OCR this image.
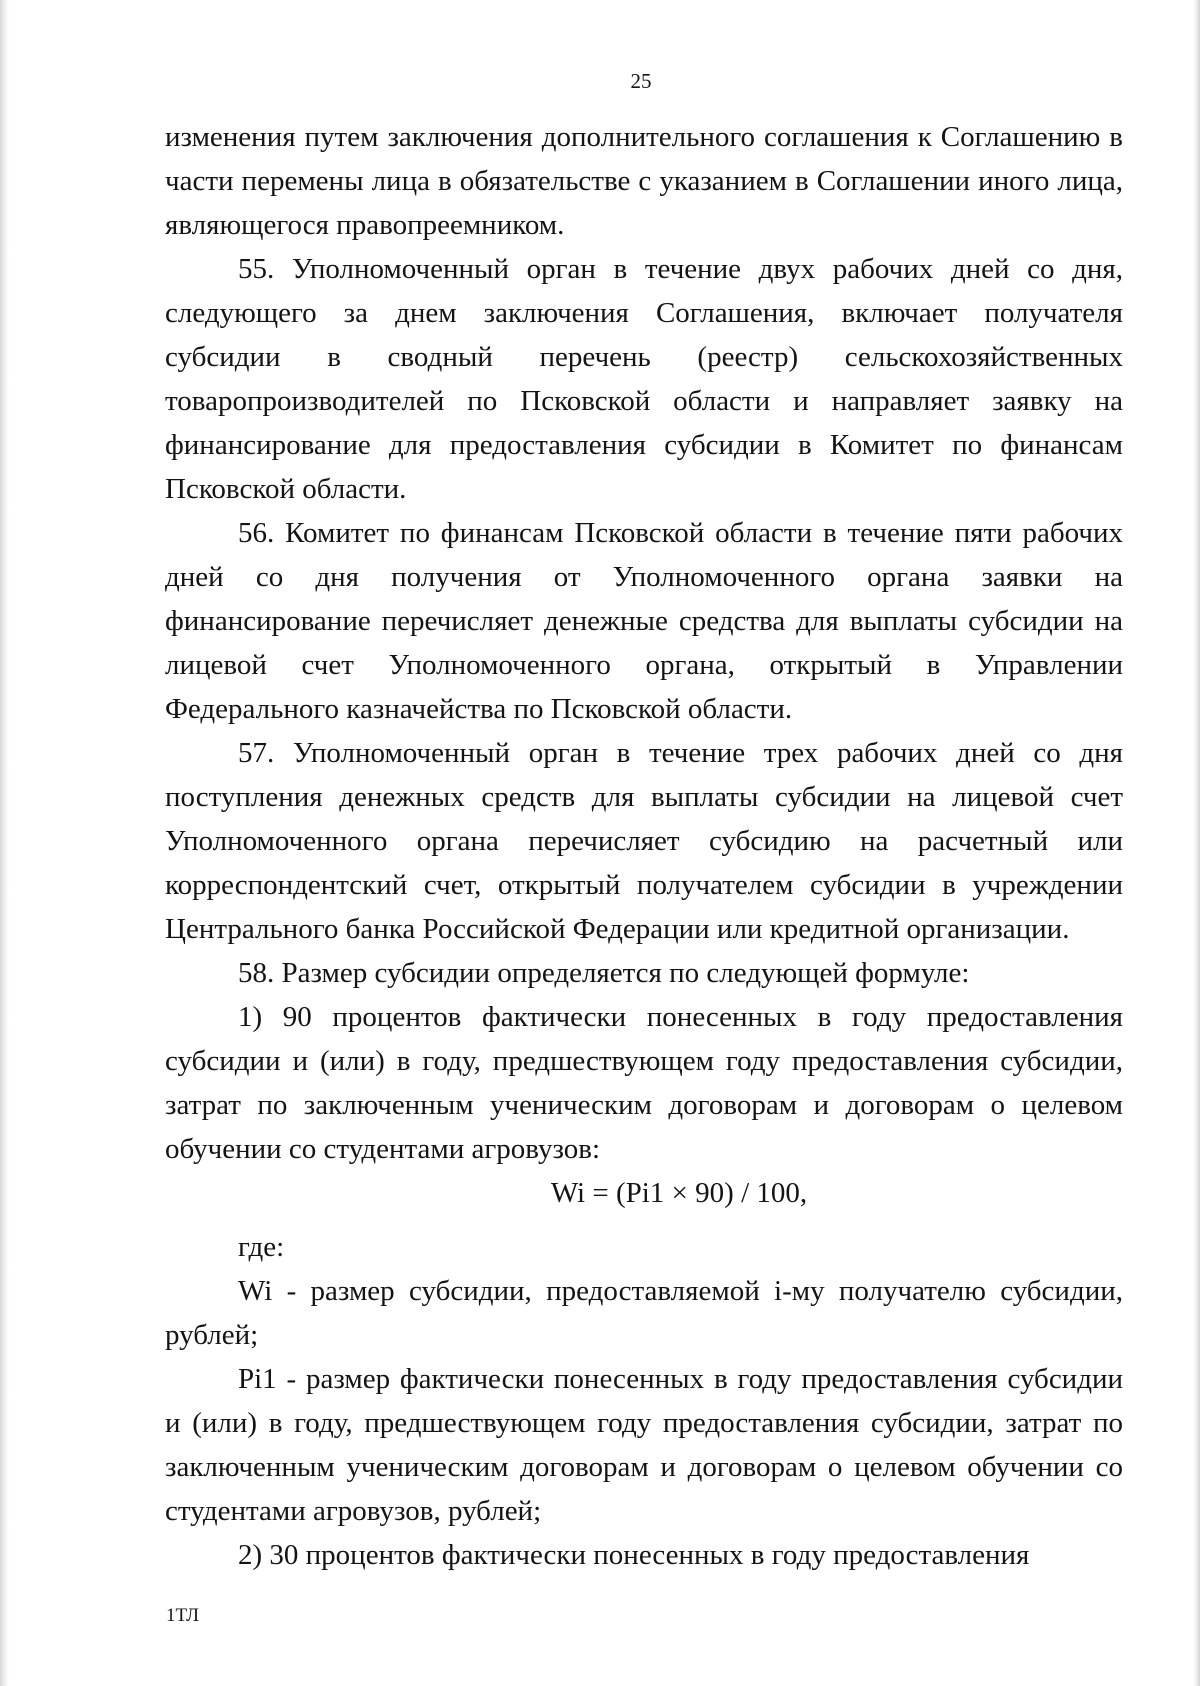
25

изменения путем заключения дополнительного соглашения к Соглашению в части перемены лица в обязательстве с указанием в Соглашении иного лица, являющегося правопреемником.

55. Уполномоченный орган в течение двух рабочих дней со дня, следующего за днем заключения Соглашения, включает получателя субсидии в сводный перечень (реестр) сельскохозяйственных товаропроизводителей по Псковской области и направляет заявку на финансирование для предоставления субсидии в Комитет по финансам Псковской области.

56. Комитет по финансам Псковской области в течение пяти рабочих дней со дня получения от Уполномоченного органа заявки на финансирование перечисляет денежные средства для выплаты субсидии на лицевой счет Уполномоченного органа, открытый в Управлении Федерального казначейства по Псковской области.

57. Уполномоченный орган в течение трех рабочих дней со дня поступления денежных средств для выплаты субсидии на лицевой счет Уполномоченного органа перечисляет субсидию на расчетный или корреспондентский счет, открытый получателем субсидии в учреждении Центрального банка Российской Федерации или кредитной организации.

58. Размер субсидии определяется по следующей формуле:

1) 90 процентов фактически понесенных в году предоставления субсидии и (или) в году, предшествующем году предоставления субсидии, затрат по заключенным ученическим договорам и договорам о целевом обучении со студентами агровузов:

Wi = (Pi1 × 90) / 100,

где:

Wi - размер субсидии, предоставляемой i-му получателю субсидии, рублей;

Pi1 - размер фактически понесенных в году предоставления субсидии и (или) в году, предшествующем году предоставления субсидии, затрат по заключенным ученическим договорам и договорам о целевом обучении со студентами агровузов, рублей;

2) 30 процентов фактически понесенных в году предоставления

1ТЛ
